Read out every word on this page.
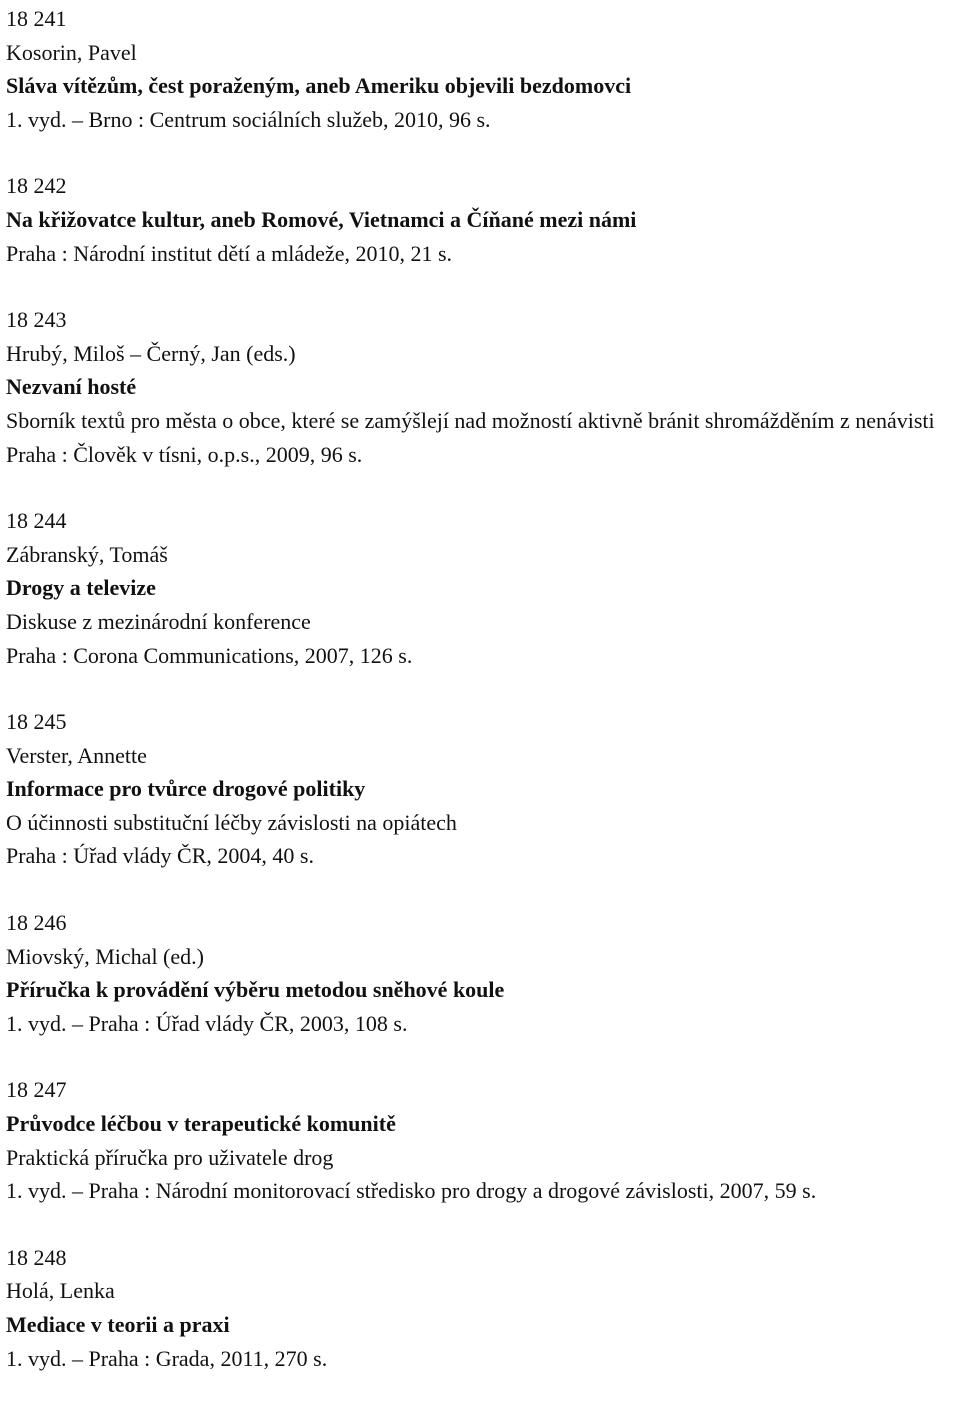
18 241
Kosorin, Pavel
Sláva vítězům, čest poraženým, aneb Ameriku objevili bezdomovci
1. vyd. – Brno : Centrum sociálních služeb, 2010, 96 s.
18 242
Na křižovatce kultur, aneb Romové, Vietnamci a Číňané mezi námi
Praha : Národní institut dětí a mládeže, 2010, 21 s.
18 243
Hrubý, Miloš – Černý, Jan (eds.)
Nezvaní hosté
Sborník textů pro města o obce, které se zamýšlejí nad možností aktivně bránit shromážděním z nenávisti
Praha : Člověk v tísni, o.p.s., 2009, 96 s.
18 244
Zábranský, Tomáš
Drogy a televize
Diskuse z mezinárodní konference
Praha : Corona Communications, 2007, 126 s.
18 245
Verster, Annette
Informace pro tvůrce drogové politiky
O účinnosti substituční léčby závislosti na opiátech
Praha : Úřad vlády ČR, 2004, 40 s.
18 246
Miovský, Michal (ed.)
Příručka k provádění výběru metodou sněhové koule
1. vyd. – Praha : Úřad vlády ČR, 2003, 108 s.
18 247
Průvodce léčbou v terapeutické komunitě
Praktická příručka pro uživatele drog
1. vyd. – Praha : Národní monitorovací středisko pro drogy a drogové závislosti, 2007, 59 s.
18 248
Holá, Lenka
Mediace v teorii a praxi
1. vyd. – Praha : Grada, 2011, 270 s.
